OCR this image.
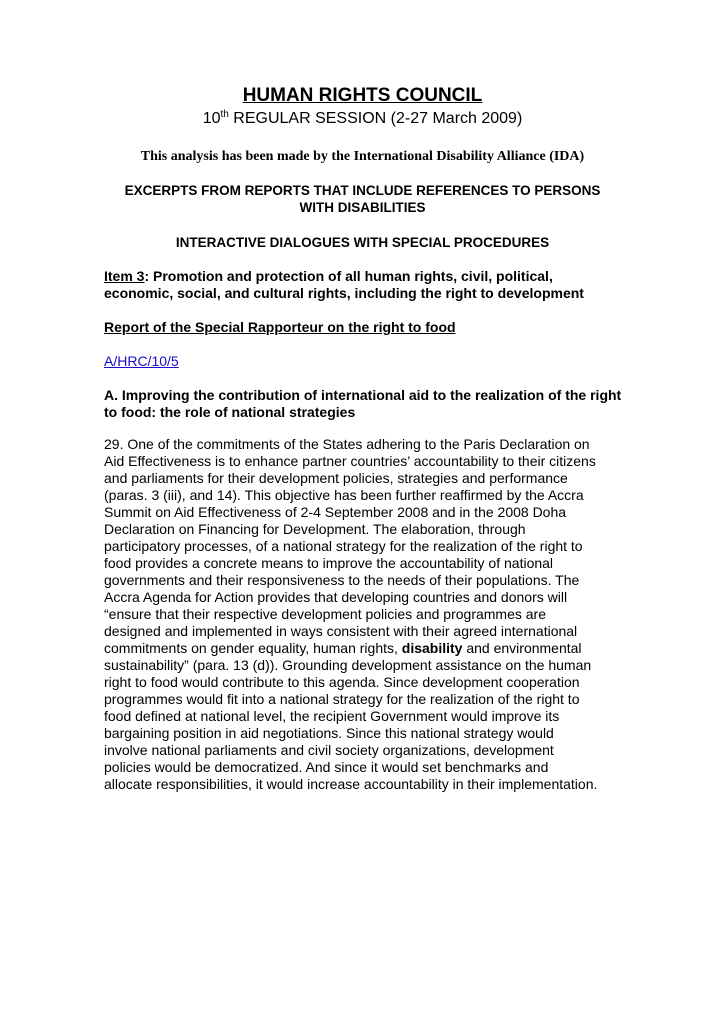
HUMAN RIGHTS COUNCIL
10th REGULAR SESSION (2-27 March 2009)
This analysis has been made by the International Disability Alliance (IDA)
EXCERPTS FROM REPORTS THAT INCLUDE REFERENCES TO PERSONS WITH DISABILITIES
INTERACTIVE DIALOGUES WITH SPECIAL PROCEDURES
Item 3: Promotion and protection of all human rights, civil, political, economic, social, and cultural rights, including the right to development
Report of the Special Rapporteur on the right to food
A/HRC/10/5
A. Improving the contribution of international aid to the realization of the right to food: the role of national strategies
29. One of the commitments of the States adhering to the Paris Declaration on
Aid Effectiveness is to enhance partner countries’ accountability to their citizens
and parliaments for their development policies, strategies and performance
(paras. 3 (iii), and 14). This objective has been further reaffirmed by the Accra
Summit on Aid Effectiveness of 2-4 September 2008 and in the 2008 Doha
Declaration on Financing for Development. The elaboration, through
participatory processes, of a national strategy for the realization of the right to
food provides a concrete means to improve the accountability of national
governments and their responsiveness to the needs of their populations. The
Accra Agenda for Action provides that developing countries and donors will
“ensure that their respective development policies and programmes are
designed and implemented in ways consistent with their agreed international
commitments on gender equality, human rights, disability and environmental
sustainability” (para. 13 (d)). Grounding development assistance on the human
right to food would contribute to this agenda. Since development cooperation
programmes would fit into a national strategy for the realization of the right to
food defined at national level, the recipient Government would improve its
bargaining position in aid negotiations. Since this national strategy would
involve national parliaments and civil society organizations, development
policies would be democratized. And since it would set benchmarks and
allocate responsibilities, it would increase accountability in their implementation.
